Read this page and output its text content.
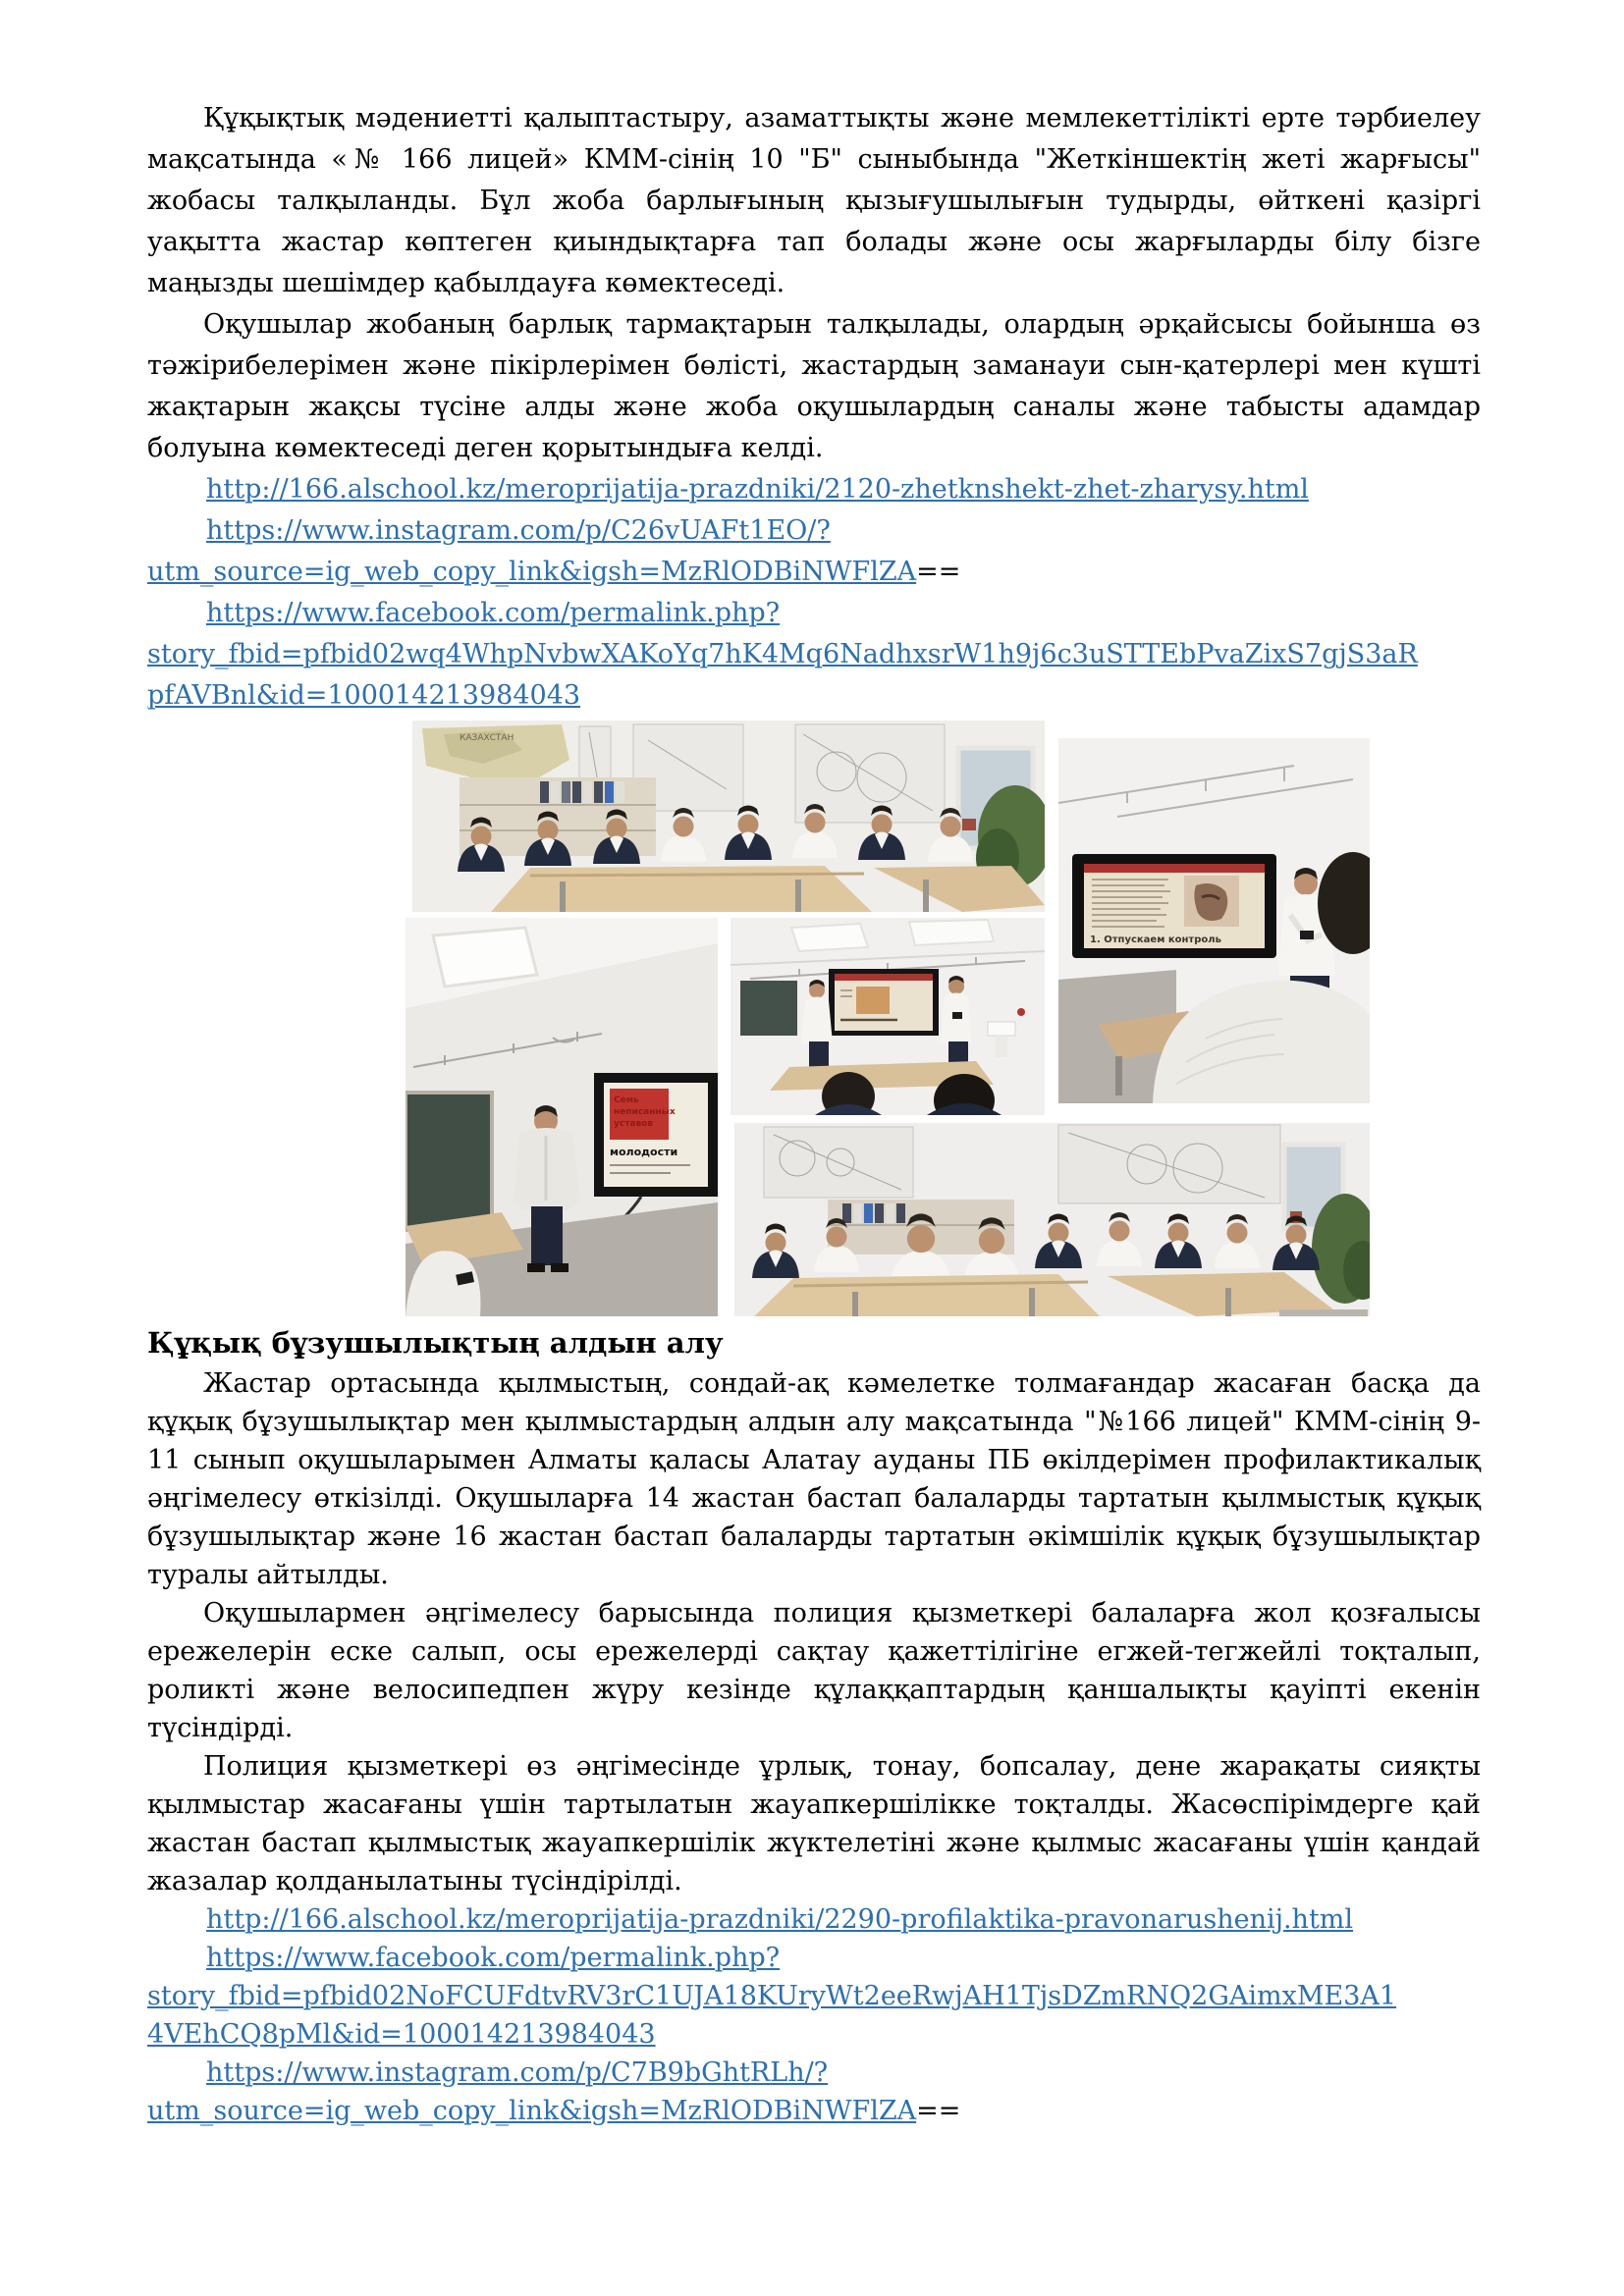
Құқықтық мәдениетті қалыптастыру, азаматтықты және мемлекеттілікті ерте тәрбиелеу мақсатында «№ 166 лицей» КММ-сінің 10 "Б" сыныбында "Жеткіншектің жеті жарғысы" жобасы талқыланды. Бұл жоба барлығының қызығушылығын тудырды, өйткені қазіргі уақытта жастар көптеген қиындықтарға тап болады және осы жарғыларды білу бізге маңызды шешімдер қабылдауға көмектеседі.

Оқушылар жобаның барлық тармақтарын талқылады, олардың әрқайсысы бойынша өз тәжірибелерімен және пікірлерімен бөлісті, жастардың заманауи сын-қатерлері мен күшті жақтарын жақсы түсіне алды және жоба оқушылардың саналы және табысты адамдар болуына көмектеседі деген қорытындыға келді.

http://166.alschool.kz/meroprijatija-prazdniki/2120-zhetknshekt-zhet-zharysy.html
https://www.instagram.com/p/C26vUAFt1EO/?
utm_source=ig_web_copy_link&igsh=MzRlODBiNWFlZA==
https://www.facebook.com/permalink.php?
story_fbid=pfbid02wq4WhpNvbwXAKoYq7hK4Mq6NadhxsrW1h9j6c3uSTTEbPvaZixS7gjS3aR
pfAVBnl&id=100014213984043
КАЗАХСТАН
1. Отпускаем контроль
Семь
неписанных
уставов
молодости
Құқық бұзушылықтың алдын алу

Жастар ортасында қылмыстың, сондай-ақ кәмелетке толмағандар жасаған басқа да құқық бұзушылықтар мен қылмыстардың алдын алу мақсатында "№166 лицей" КММ-сінің 9-11 сынып оқушыларымен Алматы қаласы Алатау ауданы ПБ өкілдерімен профилактикалық әңгімелесу өткізілді. Оқушыларға 14 жастан бастап балаларды тартатын қылмыстық құқық бұзушылықтар және 16 жастан бастап балаларды тартатын әкімшілік құқық бұзушылықтар туралы айтылды.

Оқушылармен әңгімелесу барысында полиция қызметкері балаларға жол қозғалысы ережелерін еске салып, осы ережелерді сақтау қажеттілігіне егжей-тегжейлі тоқталып, роликті және велосипедпен жүру кезінде құлаққаптардың қаншалықты қауіпті екенін түсіндірді.

Полиция қызметкері өз әңгімесінде ұрлық, тонау, бопсалау, дене жарақаты сияқты қылмыстар жасағаны үшін тартылатын жауапкершілікке тоқталды. Жасөспірімдерге қай жастан бастап қылмыстық жауапкершілік жүктелетіні және қылмыс жасағаны үшін қандай жазалар қолданылатыны түсіндірілді.

http://166.alschool.kz/meroprijatija-prazdniki/2290-profilaktika-pravonarushenij.html
https://www.facebook.com/permalink.php?
story_fbid=pfbid02NoFCUFdtvRV3rC1UJA18KUryWt2eeRwjAH1TjsDZmRNQ2GAimxME3A1
4VEhCQ8pMl&id=100014213984043
https://www.instagram.com/p/C7B9bGhtRLh/?
utm_source=ig_web_copy_link&igsh=MzRlODBiNWFlZA==
